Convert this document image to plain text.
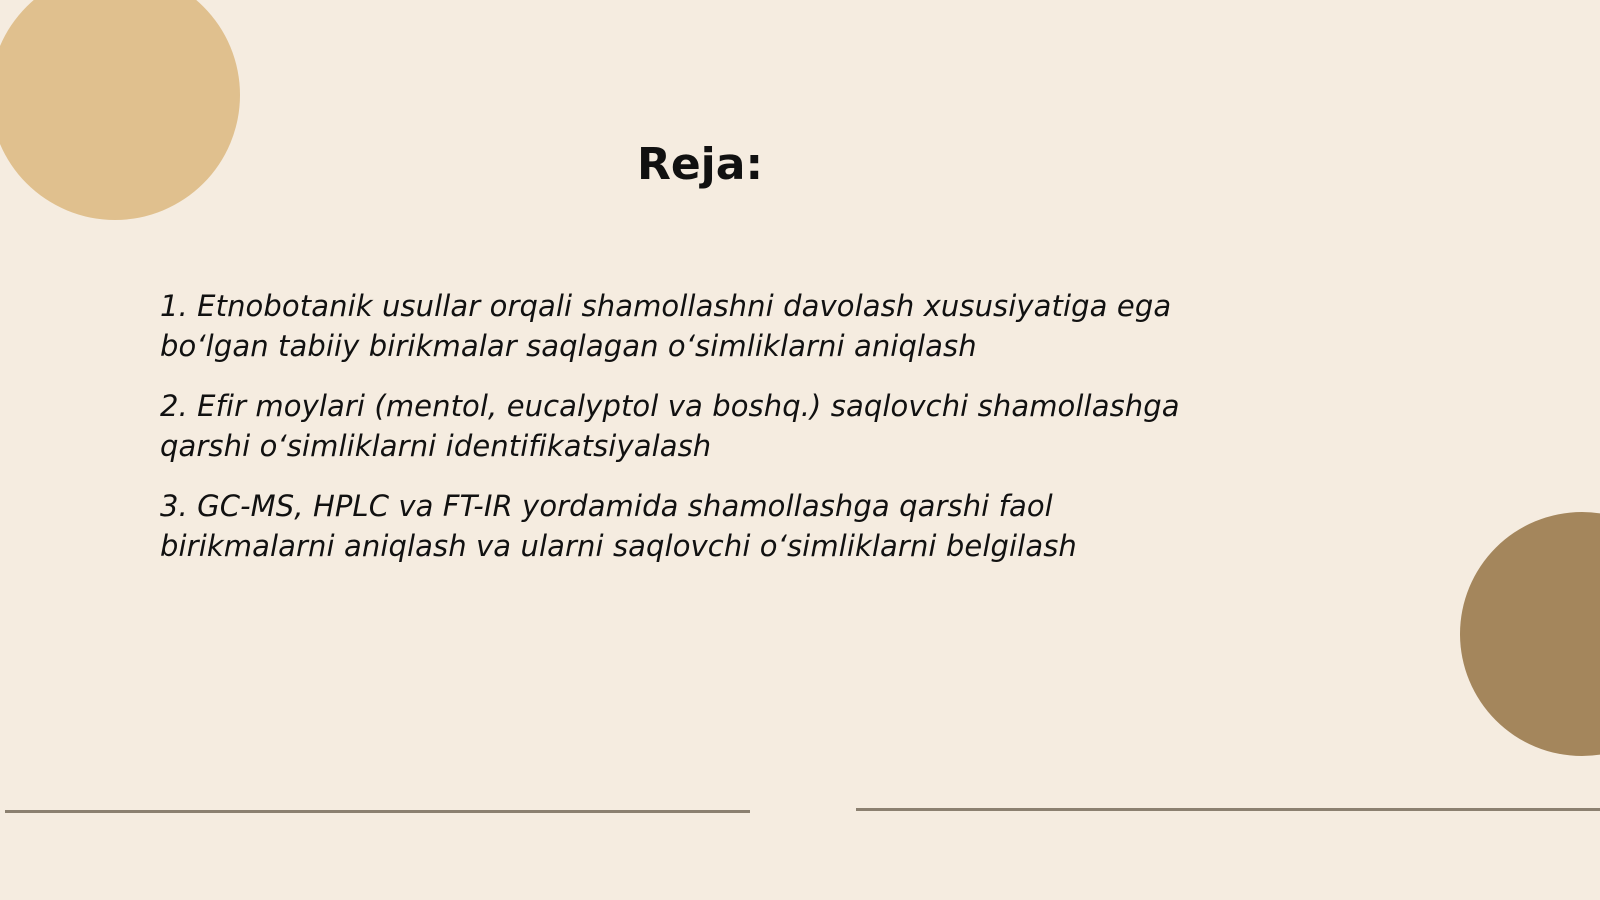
Reja:
1. Etnobotanik usullar orqali shamollashni davolash xususiyatiga ega bo‘lgan tabiiy birikmalar saqlagan o‘simliklarni aniqlash
2. Efir moylari (mentol, eucalyptol va boshq.) saqlovchi shamollashga qarshi o‘simliklarni identifikatsiyalash
3. GC-MS, HPLC va FT-IR yordamida shamollashga qarshi faol birikmalarni aniqlash va ularni saqlovchi o‘simliklarni belgilash
